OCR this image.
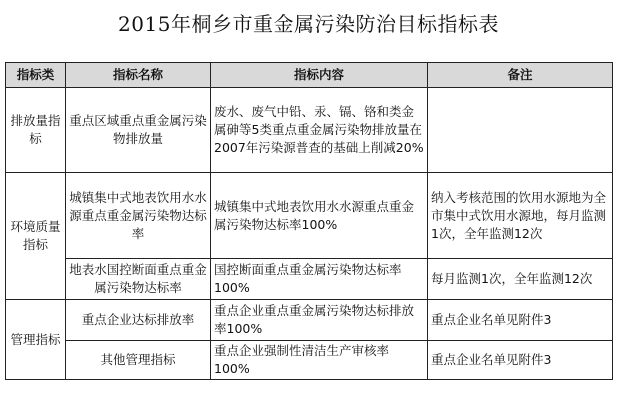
2015年桐乡市重金属污染防治目标指标表
指标类	指标名称	指标内容	备注
排放量指标	重点区域重点重金属污染物排放量	废水、废气中铅、汞、镉、铬和类金属砷等5类重点重金属污染物排放量在2007年污染源普查的基础上削减20%	
环境质量指标	城镇集中式地表饮用水水源重点重金属污染物达标率	城镇集中式地表饮用水水源重点重金属污染物达标率100%	纳入考核范围的饮用水源地为全市集中式饮用水源地，每月监测1次，全年监测12次
	地表水国控断面重点重金属污染物达标率	国控断面重点重金属污染物达标率100%	每月监测1次，全年监测12次
管理指标	重点企业达标排放率	重点企业重点重金属污染物达标排放率100%	重点企业名单见附件3
	其他管理指标	重点企业强制性清洁生产审核率100%	重点企业名单见附件3
